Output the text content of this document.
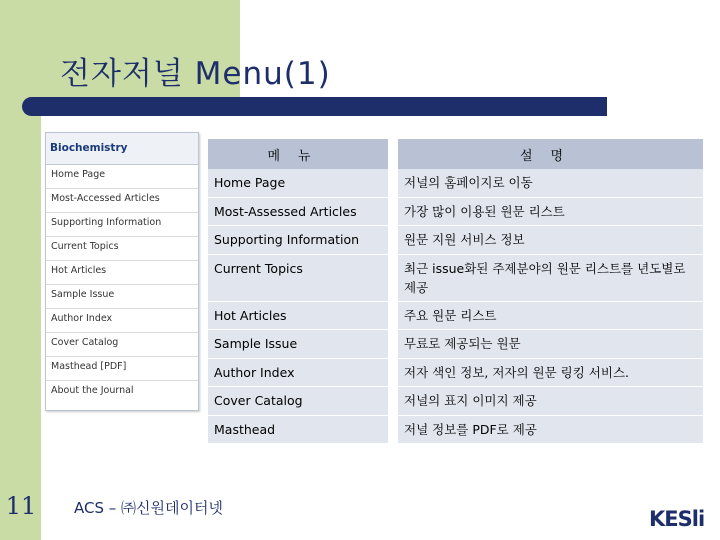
전자저널 Menu(1)
Biochemistry
Home Page
Most-Accessed Articles
Supporting Information
Current Topics
Hot Articles
Sample Issue
Author Index
Cover Catalog
Masthead [PDF]
About the Journal
메뉴		설명
Home Page		저널의 홈페이지로 이동
Most-Assessed Articles		가장 많이 이용된 원문 리스트
Supporting Information		원문 지원 서비스 정보
Current Topics		최근 issue화된 주제분야의 원문 리스트를 년도별로 제공
Hot Articles		주요 원문 리스트
Sample Issue		무료로 제공되는 원문
Author Index		저자 색인 정보, 저자의 원문 링킹 서비스.
Cover Catalog		저널의 표지 이미지 제공
Masthead		저널 정보를 PDF로 제공
11	ACS – ㈜신원데이터넷	KESli
